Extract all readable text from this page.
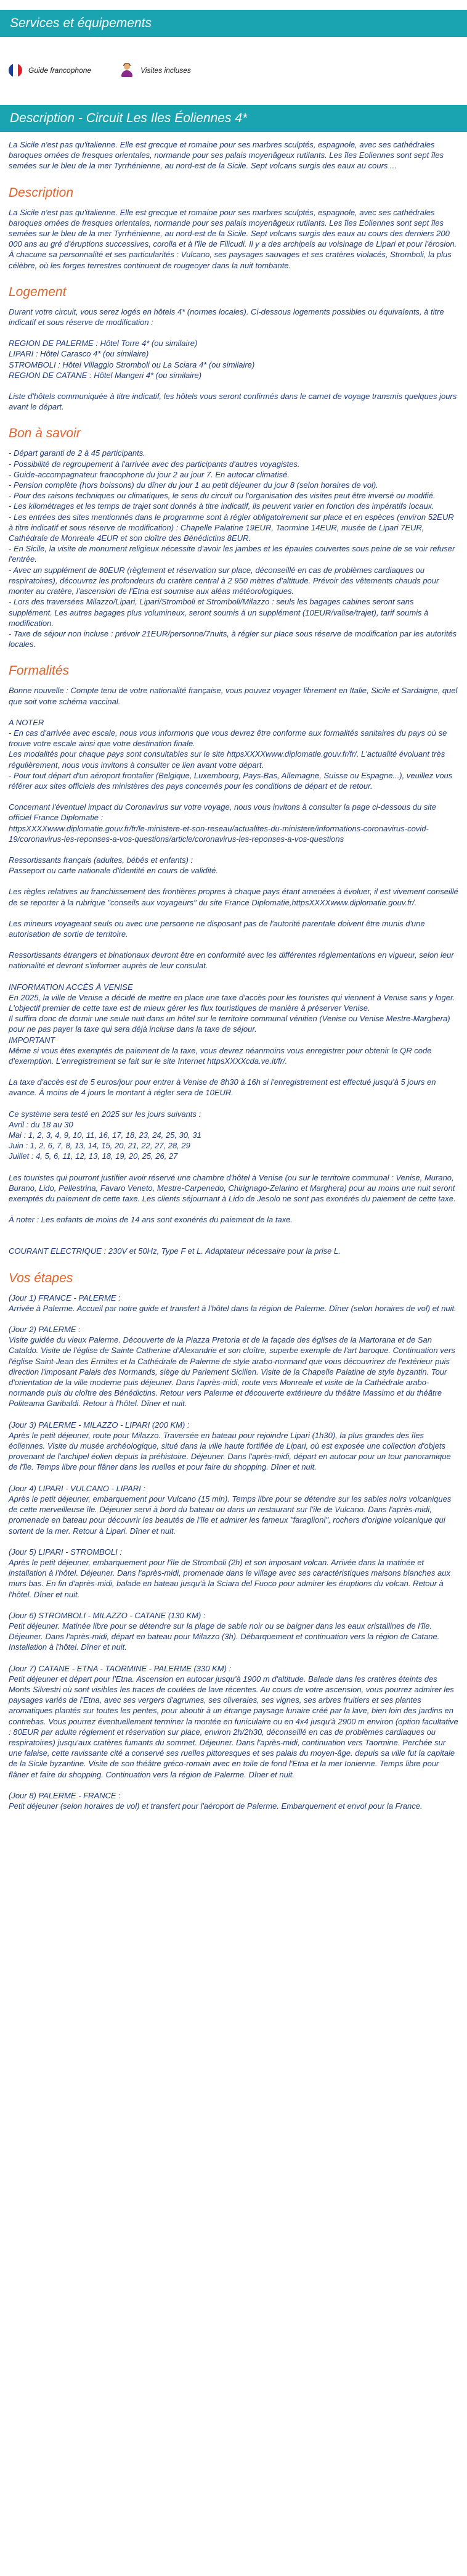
Services et équipements
Guide francophone	Visites incluses
Description - Circuit Les Iles Éoliennes 4*

La Sicile n'est pas qu'italienne. Elle est grecque et romaine pour ses marbres sculptés, espagnole, avec ses cathédrales baroques ornées de fresques orientales, normande pour ses palais moyenâgeux rutilants. Les îles Eoliennes sont sept îles semées sur le bleu de la mer Tyrrhénienne, au nord-est de la Sicile. Sept volcans surgis des eaux au cours ...

Description
La Sicile n'est pas qu'italienne. Elle est grecque et romaine pour ses marbres sculptés, espagnole, avec ses cathédrales baroques ornées de fresques orientales, normande pour ses palais moyenâgeux rutilants. Les îles Eoliennes sont sept îles semées sur le bleu de la mer Tyrrhénienne, au nord-est de la Sicile. Sept volcans surgis des eaux au cours des derniers 200 000 ans au gré d'éruptions successives, corolla et à l'île de Filicudi. Il y a des archipels au voisinage de Lipari et pour l'érosion. À chacune sa personnalité et ses particularités : Vulcano, ses paysages sauvages et ses cratères violacés, Stromboli, la plus célèbre, où les forges terrestres continuent de rougeoyer dans la nuit tombante.
Logement
Durant votre circuit, vous serez logés en hôtels 4* (normes locales). Ci-dessous logements possibles ou équivalents, à titre indicatif et sous réserve de modification :
REGION DE PALERME : Hôtel Torre 4* (ou similaire)
LIPARI : Hôtel Carasco 4* (ou similaire)
STROMBOLI : Hôtel Villaggio Stromboli ou La Sciara 4* (ou similaire)
REGION DE CATANE : Hôtel Mangeri 4* (ou similaire)
Liste d'hôtels communiquée à titre indicatif, les hôtels vous seront confirmés dans le carnet de voyage transmis quelques jours avant le départ.
Bon à savoir
- Départ garanti de 2 à 45 participants.
- Possibilité de regroupement à l'arrivée avec des participants d'autres voyagistes.
- Guide-accompagnateur francophone du jour 2 au jour 7. En autocar climatisé.
- Pension complète (hors boissons) du dîner du jour 1 au petit déjeuner du jour 8 (selon horaires de vol).
- Pour des raisons techniques ou climatiques, le sens du circuit ou l'organisation des visites peut être inversé ou modifié.
- Les kilométrages et les temps de trajet sont donnés à titre indicatif, ils peuvent varier en fonction des impératifs locaux.
- Les entrées des sites mentionnés dans le programme sont à régler obligatoirement sur place et en espèces (environ 52EUR à titre indicatif et sous réserve de modification) : Chapelle Palatine 19EUR, Taormine 14EUR, musée de Lipari 7EUR, Cathédrale de Monreale 4EUR et son cloître des Bénédictins 8EUR.
- En Sicile, la visite de monument religieux nécessite d'avoir les jambes et les épaules couvertes sous peine de se voir refuser l'entrée.
- Avec un supplément de 80EUR (règlement et réservation sur place, déconseillé en cas de problèmes cardiaques ou respiratoires), découvrez les profondeurs du cratère central à 2 950 mètres d'altitude. Prévoir des vêtements chauds pour monter au cratère, l'ascension de l'Etna est soumise aux aléas météorologiques.
- Lors des traversées Milazzo/Lipari, Lipari/Stromboli et Stromboli/Milazzo : seuls les bagages cabines seront sans supplément. Les autres bagages plus volumineux, seront soumis à un supplément (10EUR/valise/trajet), tarif soumis à modification.
- Taxe de séjour non incluse : prévoir 21EUR/personne/7nuits, à régler sur place sous réserve de modification par les autorités locales.
Formalités
Bonne nouvelle : Compte tenu de votre nationalité française, vous pouvez voyager librement en Italie, Sicile et Sardaigne, quel que soit votre schéma vaccinal.
A NOTER
- En cas d'arrivée avec escale, nous vous informons que vous devrez être conforme aux formalités sanitaires du pays où se trouve votre escale ainsi que votre destination finale.
Les modalités pour chaque pays sont consultables sur le site httpsXXXXwww.diplomatie.gouv.fr/fr/. L'actualité évoluant très régulièrement, nous vous invitons à consulter ce lien avant votre départ.
- Pour tout départ d'un aéroport frontalier (Belgique, Luxembourg, Pays-Bas, Allemagne, Suisse ou Espagne...), veuillez vous référer aux sites officiels des ministères des pays concernés pour les conditions de départ et de retour.
Concernant l'éventuel impact du Coronavirus sur votre voyage, nous vous invitons à consulter la page ci-dessous du site officiel France Diplomatie :
httpsXXXXwww.diplomatie.gouv.fr/fr/le-ministere-et-son-reseau/actualites-du-ministere/informations-coronavirus-covid-19/coronavirus-les-reponses-a-vos-questions/article/coronavirus-les-reponses-a-vos-questions
Ressortissants français (adultes, bébés et enfants) :
Passeport ou carte nationale d'identité en cours de validité.
Les règles relatives au franchissement des frontières propres à chaque pays étant amenées à évoluer, il est vivement conseillé de se reporter à la rubrique "conseils aux voyageurs" du site France Diplomatie,httpsXXXXwww.diplomatie.gouv.fr/.
Les mineurs voyageant seuls ou avec une personne ne disposant pas de l'autorité parentale doivent être munis d'une autorisation de sortie de territoire.
Ressortissants étrangers et binationaux devront être en conformité avec les différentes réglementations en vigueur, selon leur nationalité et devront s'informer auprès de leur consulat.
INFORMATION ACCÈS À VENISE
En 2025, la ville de Venise a décidé de mettre en place une taxe d'accès pour les touristes qui viennent à Venise sans y loger. L'objectif premier de cette taxe est de mieux gérer les flux touristiques de manière à préserver Venise.
Il suffira donc de dormir une seule nuit dans un hôtel sur le territoire communal vénitien (Venise ou Venise Mestre-Marghera) pour ne pas payer la taxe qui sera déjà incluse dans la taxe de séjour.
IMPORTANT
Même si vous êtes exemptés de paiement de la taxe, vous devrez néanmoins vous enregistrer pour obtenir le QR code d'exemption. L'enregistrement se fait sur le site Internet httpsXXXXcda.ve.it/fr/.
La taxe d'accès est de 5 euros/jour pour entrer à Venise de 8h30 à 16h si l'enregistrement est effectué jusqu'à 5 jours en avance. À moins de 4 jours le montant à régler sera de 10EUR.
Ce système sera testé en 2025 sur les jours suivants :
Avril : du 18 au 30
Mai : 1, 2, 3, 4, 9, 10, 11, 16, 17, 18, 23, 24, 25, 30, 31
Juin : 1, 2, 6, 7, 8, 13, 14, 15, 20, 21, 22, 27, 28, 29
Juillet : 4, 5, 6, 11, 12, 13, 18, 19, 20, 25, 26, 27
Les touristes qui pourront justifier avoir réservé une chambre d'hôtel à Venise (ou sur le territoire communal : Venise, Murano, Burano, Lido, Pellestrina, Favaro Veneto, Mestre-Carpenedo, Chirignago-Zelarino et Marghera) pour au moins une nuit seront exemptés du paiement de cette taxe. Les clients séjournant à Lido de Jesolo ne sont pas exonérés du paiement de cette taxe.
À noter : Les enfants de moins de 14 ans sont exonérés du paiement de la taxe.
COURANT ELECTRIQUE : 230V et 50Hz, Type F et L. Adaptateur nécessaire pour la prise L.
Vos étapes
(Jour 1) FRANCE - PALERME :
Arrivée à Palerme. Accueil par notre guide et transfert à l'hôtel dans la région de Palerme. Dîner (selon horaires de vol) et nuit.
(Jour 2) PALERME :
Visite guidée du vieux Palerme. Découverte de la Piazza Pretoria et de la façade des églises de la Martorana et de San Cataldo. Visite de l'église de Sainte Catherine d'Alexandrie et son cloître, superbe exemple de l'art baroque. Continuation vers l'église Saint-Jean des Ermites et la Cathédrale de Palerme de style arabo-normand que vous découvrirez de l'extérieur puis direction l'imposant Palais des Normands, siège du Parlement Sicilien. Visite de la Chapelle Palatine de style byzantin. Tour d'orientation de la ville moderne puis déjeuner. Dans l'après-midi, route vers Monreale et visite de la Cathédrale arabo-normande puis du cloître des Bénédictins. Retour vers Palerme et découverte extérieure du théâtre Massimo et du théâtre Politeama Garibaldi. Retour à l'hôtel. Dîner et nuit.
(Jour 3) PALERME - MILAZZO - LIPARI (200 KM) :
Après le petit déjeuner, route pour Milazzo. Traversée en bateau pour rejoindre Lipari (1h30), la plus grandes des îles éoliennes. Visite du musée archéologique, situé dans la ville haute fortifiée de Lipari, où est exposée une collection d'objets provenant de l'archipel éolien depuis la préhistoire. Déjeuner. Dans l'après-midi, départ en autocar pour un tour panoramique de l'île. Temps libre pour flâner dans les ruelles et pour faire du shopping. Dîner et nuit.
(Jour 4) LIPARI - VULCANO - LIPARI :
Après le petit déjeuner, embarquement pour Vulcano (15 min). Temps libre pour se détendre sur les sables noirs volcaniques de cette merveilleuse île. Déjeuner servi à bord du bateau ou dans un restaurant sur l'île de Vulcano. Dans l'après-midi, promenade en bateau pour découvrir les beautés de l'île et admirer les fameux "faraglioni", rochers d'origine volcanique qui sortent de la mer. Retour à Lipari. Dîner et nuit.
(Jour 5) LIPARI - STROMBOLI :
Après le petit déjeuner, embarquement pour l'île de Stromboli (2h) et son imposant volcan. Arrivée dans la matinée et installation à l'hôtel. Déjeuner. Dans l'après-midi, promenade dans le village avec ses caractéristiques maisons blanches aux murs bas. En fin d'après-midi, balade en bateau jusqu'à la Sciara del Fuoco pour admirer les éruptions du volcan. Retour à l'hôtel. Dîner et nuit.
(Jour 6) STROMBOLI - MILAZZO - CATANE (130 KM) :
Petit déjeuner. Matinée libre pour se détendre sur la plage de sable noir ou se baigner dans les eaux cristallines de l'île. Déjeuner. Dans l'après-midi, départ en bateau pour Milazzo (3h). Débarquement et continuation vers la région de Catane. Installation à l'hôtel. Dîner et nuit.
(Jour 7) CATANE - ETNA - TAORMINE - PALERME (330 KM) :
Petit déjeuner et départ pour l'Etna. Ascension en autocar jusqu'à 1900 m d'altitude. Balade dans les cratères éteints des Monts Silvestri où sont visibles les traces de coulées de lave récentes. Au cours de votre ascension, vous pourrez admirer les paysages variés de l'Etna, avec ses vergers d'agrumes, ses oliveraies, ses vignes, ses arbres fruitiers et ses plantes aromatiques plantés sur toutes les pentes, pour aboutir à un étrange paysage lunaire créé par la lave, bien loin des jardins en contrebas. Vous pourrez éventuellement terminer la montée en funiculaire ou en 4x4 jusqu'à 2900 m environ (option facultative : 80EUR par adulte réglement et réservation sur place, environ 2h/2h30, déconseillé en cas de problèmes cardiaques ou respiratoires) jusqu'aux cratères fumants du sommet. Déjeuner. Dans l'après-midi, continuation vers Taormine. Perchée sur une falaise, cette ravissante cité a conservé ses ruelles pittoresques et ses palais du moyen-âge. depuis sa ville fut la capitale de la Sicile byzantine. Visite de son théâtre gréco-romain avec en toile de fond l'Etna et la mer Ionienne. Temps libre pour flâner et faire du shopping. Continuation vers la région de Palerme. Dîner et nuit.
(Jour 8) PALERME - FRANCE :
Petit déjeuner (selon horaires de vol) et transfert pour l'aéroport de Palerme. Embarquement et envol pour la France.
